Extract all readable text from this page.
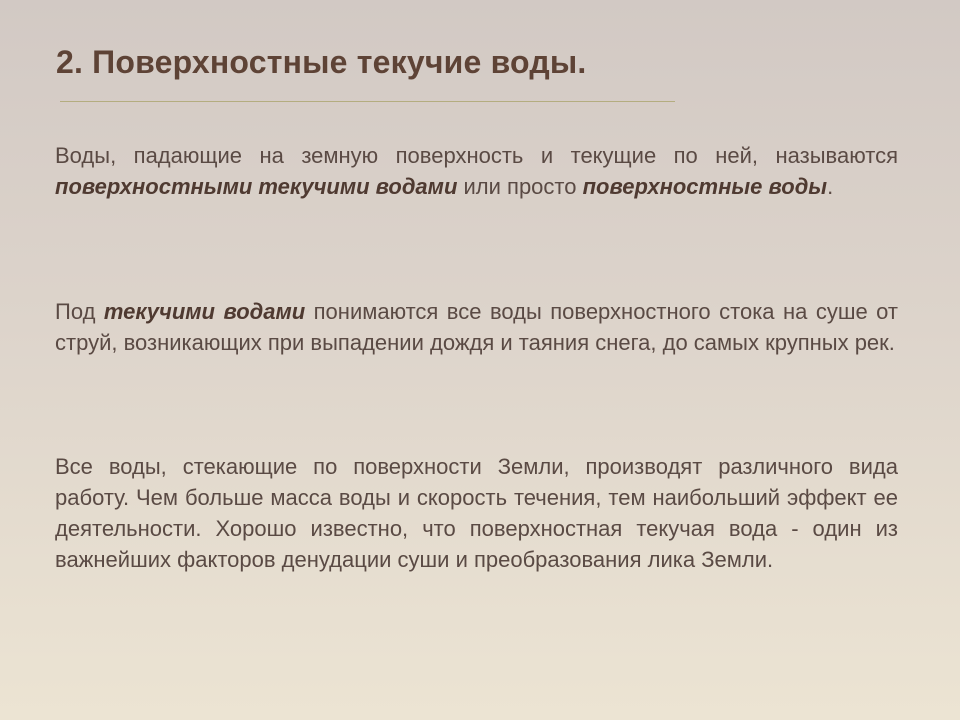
2. Поверхностные текучие воды.

Воды, падающие на земную поверхность и текущие по ней, называются поверхностными текучими водами или просто поверхностные воды.

Под текучими водами понимаются все воды поверхностного стока на суше от струй, возникающих при выпадении дождя и таяния снега, до самых крупных рек.

Все воды, стекающие по поверхности Земли, производят различного вида работу. Чем больше масса воды и скорость течения, тем наибольший эффект ее деятельности. Хорошо известно, что поверхностная текучая вода - один из важнейших факторов денудации суши и преобразования лика Земли.
